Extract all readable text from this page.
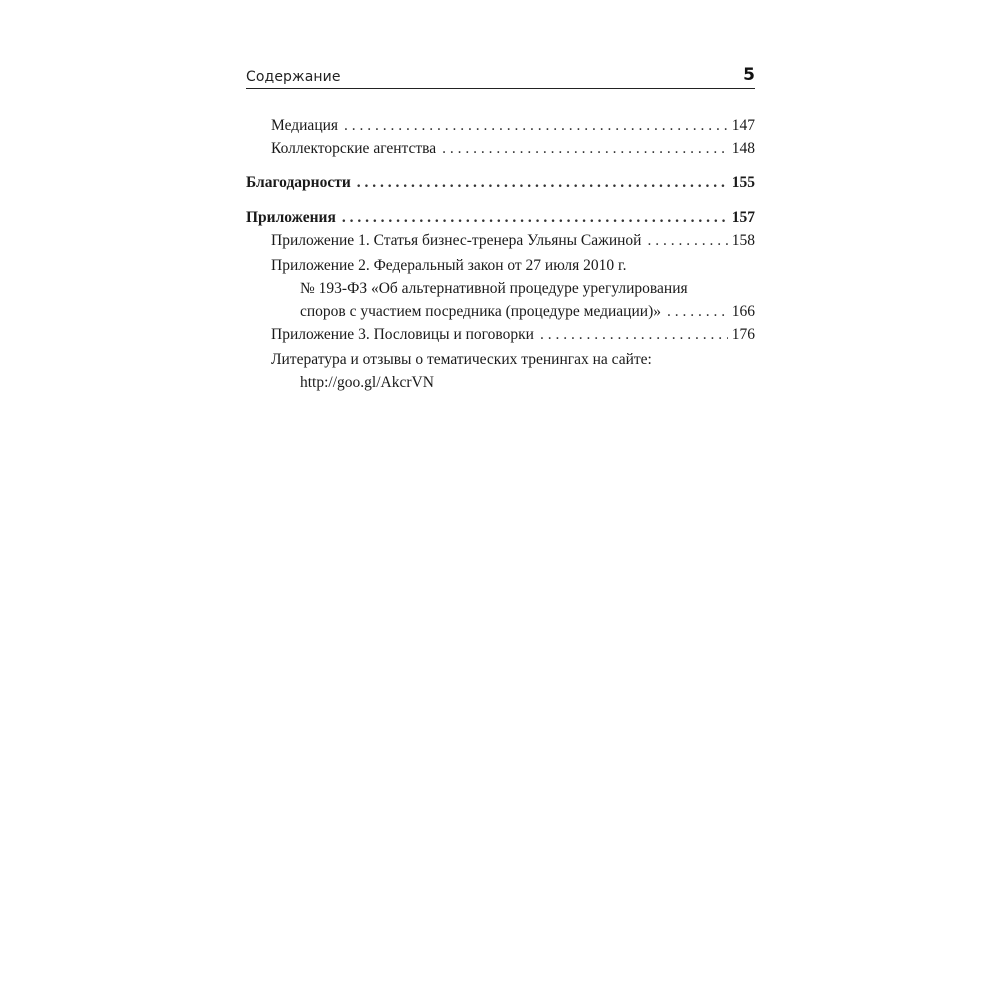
Содержание	5
Медиация . . .	147
Коллекторские агентства . . .	148
Благодарности . . .	155
Приложения . . .	157
Приложение 1. Статья бизнес-тренера Ульяны Сажиной . . .	158
Приложение 2. Федеральный закон от 27 июля 2010 г.
№ 193-ФЗ «Об альтернативной процедуре урегулирования
споров с участием посредника (процедуре медиации)» . . .	166
Приложение 3. Пословицы и поговорки . . .	176
Литература и отзывы о тематических тренингах на сайте:
http://goo.gl/AkcrVN
